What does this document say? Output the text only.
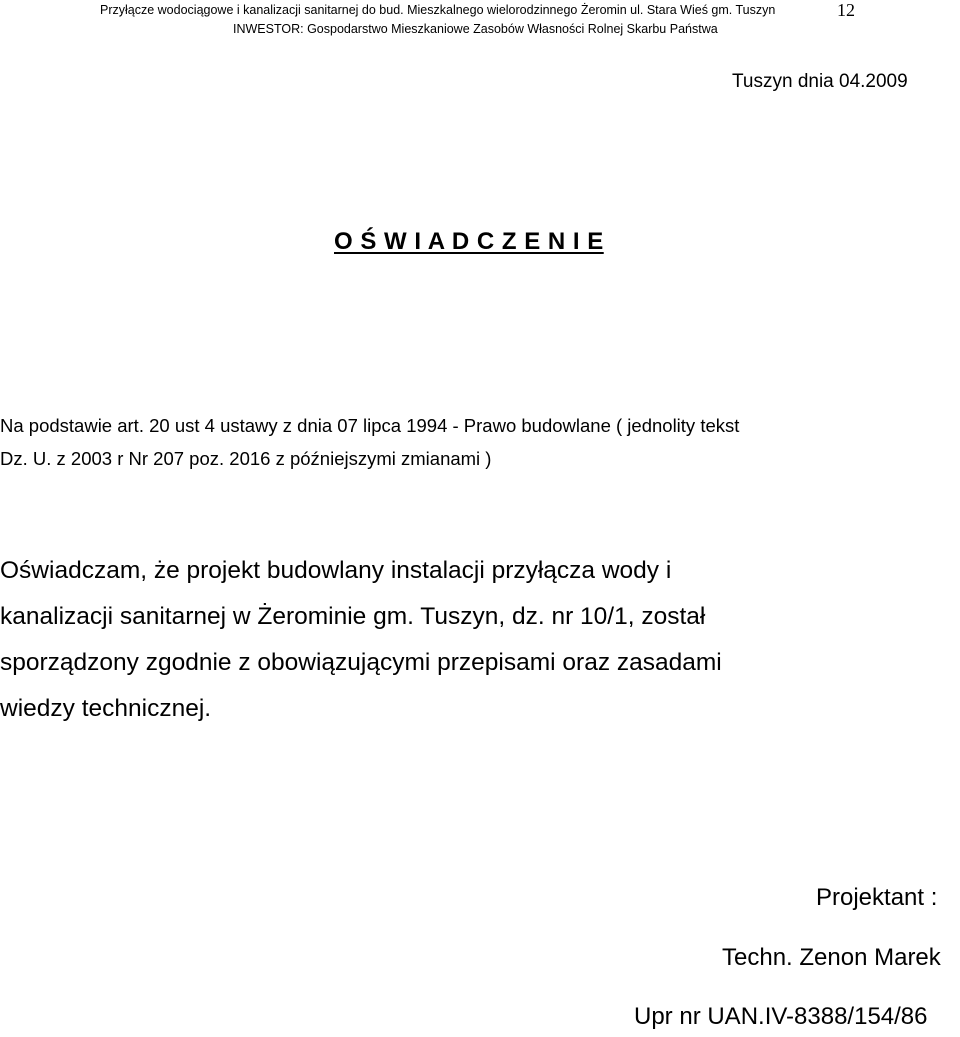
Przyłącze wodociągowe i kanalizacji sanitarnej do bud. Mieszkalnego wielorodzinnego Żeromin ul. Stara Wieś gm. Tuszyn
INWESTOR: Gospodarstwo Mieszkaniowe Zasobów Własności Rolnej Skarbu Państwa
12
Tuszyn dnia 04.2009
O Ś W I A D C Z E N I E
Na podstawie art. 20 ust 4 ustawy z dnia 07 lipca 1994 - Prawo budowlane ( jednolity tekst
Dz. U. z 2003 r Nr 207 poz. 2016 z późniejszymi zmianami )
Oświadczam, że projekt budowlany instalacji przyłącza wody i
kanalizacji sanitarnej w Żerominie gm. Tuszyn, dz. nr 10/1, został
sporządzony zgodnie z obowiązującymi przepisami oraz zasadami
wiedzy technicznej.
Projektant :
Techn. Zenon Marek
Upr nr UAN.IV-8388/154/86
